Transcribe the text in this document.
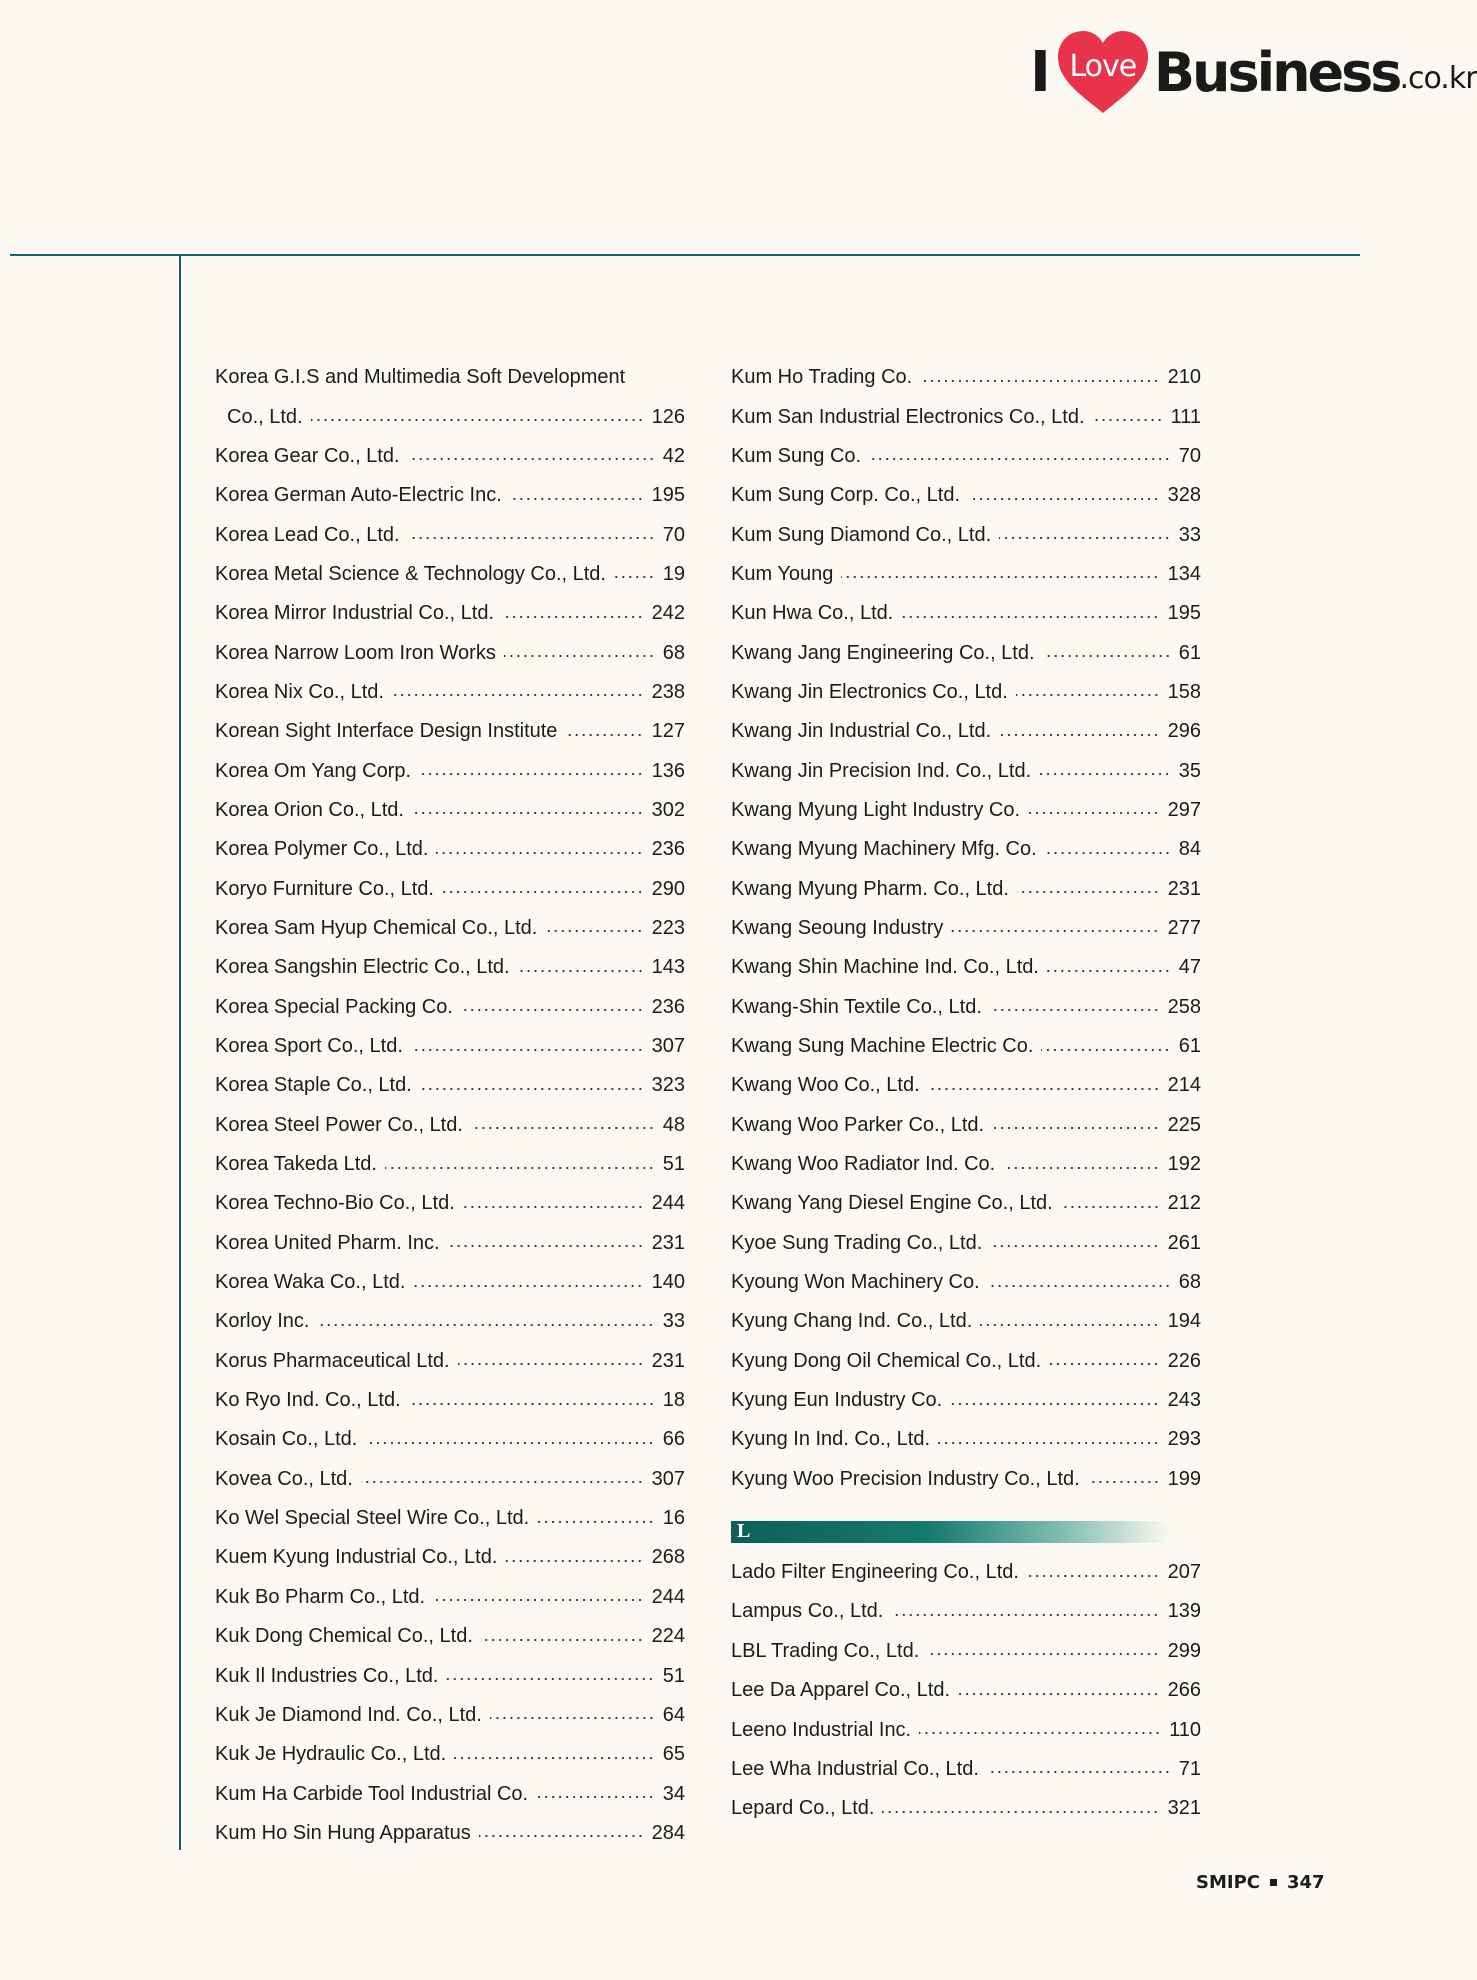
I Love Business .co.kr
Korea G.I.S and Multimedia Soft Development
Co., Ltd.	126
Korea Gear Co., Ltd.	42
Korea German Auto-Electric Inc.	195
Korea Lead Co., Ltd.	70
Korea Metal Science & Technology Co., Ltd.	19
Korea Mirror Industrial Co., Ltd.	242
Korea Narrow Loom Iron Works	68
Korea Nix Co., Ltd.	238
Korean Sight Interface Design Institute	127
Korea Om Yang Corp.	136
Korea Orion Co., Ltd.	302
Korea Polymer Co., Ltd.	236
Koryo Furniture Co., Ltd.	290
Korea Sam Hyup Chemical Co., Ltd.	223
Korea Sangshin Electric Co., Ltd.	143
Korea Special Packing Co.	236
Korea Sport Co., Ltd.	307
Korea Staple Co., Ltd.	323
Korea Steel Power Co., Ltd.	48
Korea Takeda Ltd.	51
Korea Techno-Bio Co., Ltd.	244
Korea United Pharm. Inc.	231
Korea Waka Co., Ltd.	140
Korloy Inc.	33
Korus Pharmaceutical Ltd.	231
Ko Ryo Ind. Co., Ltd.	18
Kosain Co., Ltd.	66
Kovea Co., Ltd.	307
Ko Wel Special Steel Wire Co., Ltd.	16
Kuem Kyung Industrial Co., Ltd.	268
Kuk Bo Pharm Co., Ltd.	244
Kuk Dong Chemical Co., Ltd.	224
Kuk Il Industries Co., Ltd.	51
Kuk Je Diamond Ind. Co., Ltd.	64
Kuk Je Hydraulic Co., Ltd.	65
Kum Ha Carbide Tool Industrial Co.	34
Kum Ho Sin Hung Apparatus	284
Kum Ho Trading Co.	210
Kum San Industrial Electronics Co., Ltd.	111
Kum Sung Co.	70
Kum Sung Corp. Co., Ltd.	328
Kum Sung Diamond Co., Ltd.	33
Kum Young	134
Kun Hwa Co., Ltd.	195
Kwang Jang Engineering Co., Ltd.	61
Kwang Jin Electronics Co., Ltd.	158
Kwang Jin Industrial Co., Ltd.	296
Kwang Jin Precision Ind. Co., Ltd.	35
Kwang Myung Light Industry Co.	297
Kwang Myung Machinery Mfg. Co.	84
Kwang Myung Pharm. Co., Ltd.	231
Kwang Seoung Industry	277
Kwang Shin Machine Ind. Co., Ltd.	47
Kwang-Shin Textile Co., Ltd.	258
Kwang Sung Machine Electric Co.	61
Kwang Woo Co., Ltd.	214
Kwang Woo Parker Co., Ltd.	225
Kwang Woo Radiator Ind. Co.	192
Kwang Yang Diesel Engine Co., Ltd.	212
Kyoe Sung Trading Co., Ltd.	261
Kyoung Won Machinery Co.	68
Kyung Chang Ind. Co., Ltd.	194
Kyung Dong Oil Chemical Co., Ltd.	226
Kyung Eun Industry Co.	243
Kyung In Ind. Co., Ltd.	293
Kyung Woo Precision Industry Co., Ltd.	199
L
Lado Filter Engineering Co., Ltd.	207
Lampus Co., Ltd.	139
LBL Trading Co., Ltd.	299
Lee Da Apparel Co., Ltd.	266
Leeno Industrial Inc.	110
Lee Wha Industrial Co., Ltd.	71
Lepard Co., Ltd.	321
SMIPC 347
